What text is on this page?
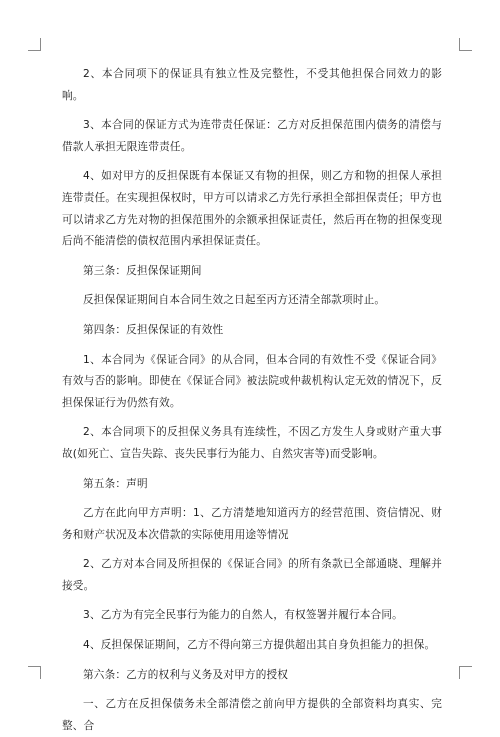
2、本合同项下的保证具有独立性及完整性，不受其他担保合同效力的影响。

3、本合同的保证方式为连带责任保证：乙方对反担保范围内债务的清偿与借款人承担无限连带责任。

4、如对甲方的反担保既有本保证又有物的担保，则乙方和物的担保人承担连带责任。在实现担保权时，甲方可以请求乙方先行承担全部担保责任；甲方也可以请求乙方先对物的担保范围外的余额承担保证责任，然后再在物的担保变现后尚不能清偿的债权范围内承担保证责任。

第三条：反担保保证期间

反担保保证期间自本合同生效之日起至丙方还清全部款项时止。

第四条：反担保保证的有效性

1、本合同为《保证合同》的从合同，但本合同的有效性不受《保证合同》有效与否的影响。即使在《保证合同》被法院或仲裁机构认定无效的情况下，反担保保证行为仍然有效。

2、本合同项下的反担保义务具有连续性，不因乙方发生人身或财产重大事故(如死亡、宣告失踪、丧失民事行为能力、自然灾害等)而受影响。

第五条：声明

乙方在此向甲方声明：1、乙方清楚地知道丙方的经营范围、资信情况、财务和财产状况及本次借款的实际使用用途等情况

2、乙方对本合同及所担保的《保证合同》的所有条款已全部通晓、理解并接受。

3、乙方为有完全民事行为能力的自然人，有权签署并履行本合同。

4、反担保保证期间，乙方不得向第三方提供超出其自身负担能力的担保。

第六条：乙方的权利与义务及对甲方的授权

一、乙方在反担保债务未全部清偿之前向甲方提供的全部资料均真实、完整、合
